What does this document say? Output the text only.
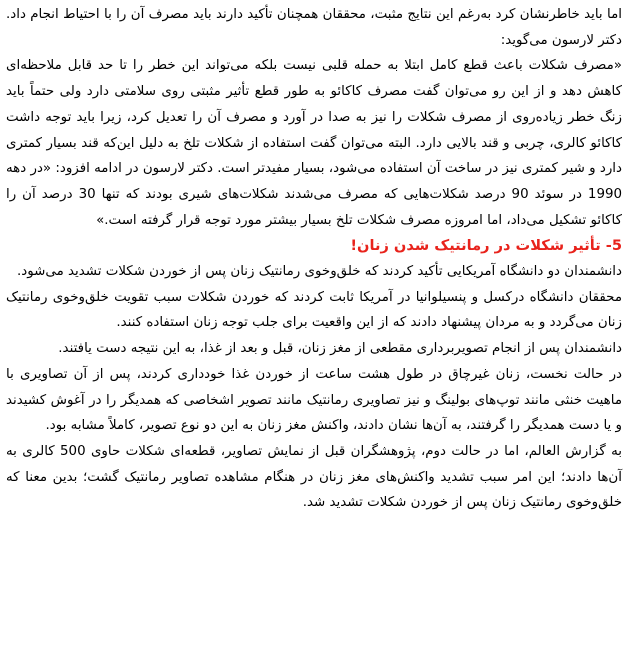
اما باید خاطرنشان کرد به‌رغم این نتایج مثبت، محققان همچنان تأکید دارند باید مصرف آن را با احتیاط انجام داد. دکتر لارسون می‌گوید:

«مصرف شکلات باعث قطع کامل ابتلا به حمله قلبی نیست بلکه می‌تواند این خطر را تا حد قابل ملاحظه‌ای کاهش دهد و از این رو می‌توان گفت مصرف کاکائو به طور قطع تأثیر مثبتی روی سلامتی دارد ولی حتماً باید زنگ خطر زیاده‌روی از مصرف شکلات را نیز به صدا در آورد و مصرف آن را تعدیل کرد، زیرا باید توجه داشت کاکائو کالری، چربی و قند بالایی دارد. البته می‌توان گفت استفاده از شکلات تلخ به دلیل این‌که قند بسیار کمتری دارد و شیر کمتری نیز در ساخت آن استفاده می‌شود، بسیار مفیدتر است. دکتر لارسون در ادامه افزود: «در دهه 1990 در سوئد 90 درصد شکلات‌هایی که مصرف می‌شدند شکلات‌های شیری بودند که تنها 30 درصد آن را کاکائو تشکیل می‌داد، اما امروزه مصرف شکلات تلخ بسیار بیشتر مورد توجه قرار گرفته است.»

5- تأثیر شکلات در رمانتیک شدن زنان!

دانشمندان دو دانشگاه آمریکایی تأکید کردند که خلق‌وخوی رمانتیک زنان پس از خوردن شکلات تشدید می‌شود.

محققان دانشگاه درکسل و پنسیلوانیا در آمریکا ثابت کردند که خوردن شکلات سبب تقویت خلق‌وخوی رمانتیک زنان می‌گردد و به مردان پیشنهاد دادند که از این واقعیت برای جلب توجه زنان استفاده کنند.

دانشمندان پس از انجام تصویربرداری مقطعی از مغز زنان، قبل و بعد از غذا، به این نتیجه دست یافتند.

در حالت نخست، زنان غیرچاق در طول هشت ساعت از خوردن غذا خودداری کردند، پس از آن تصاویری با ماهیت خنثی مانند توپ‌های بولینگ و نیز تصاویری رمانتیک مانند تصویر اشخاصی که همدیگر را در آغوش کشیدند و یا دست همدیگر را گرفتند، به آن‌ها نشان دادند، واکنش مغز زنان به این دو نوع تصویر، کاملاً مشابه بود.

به گزارش العالم، اما در حالت دوم، پژوهشگران قبل از نمایش تصاویر، قطعه‌ای شکلات حاوی 500 کالری به آن‌ها دادند؛ این امر سبب تشدید واکنش‌های مغز زنان در هنگام مشاهده تصاویر رمانتیک گشت؛ بدین معنا که خلق‌وخوی رمانتیک زنان پس از خوردن شکلات تشدید شد.
